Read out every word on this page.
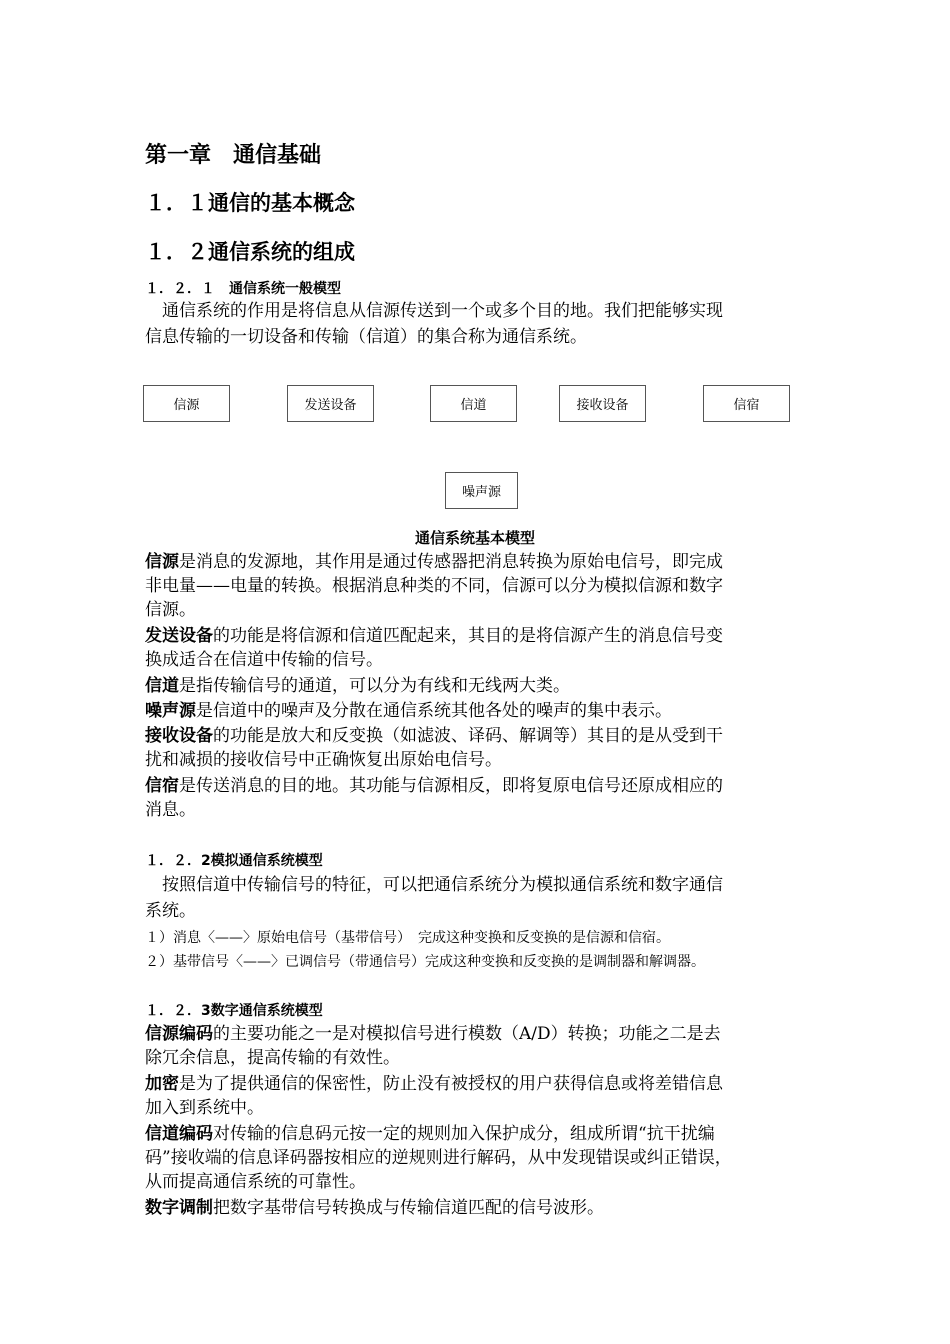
第一章　通信基础
１．１通信的基本概念
１．２通信系统的组成
１．２．１　通信系统一般模型
　通信系统的作用是将信息从信源传送到一个或多个目的地。我们把能够实现
信息传输的一切设备和传输（信道）的集合称为通信系统。
信源	发送设备	信道	接收设备	信宿
噪声源
通信系统基本模型
信源是消息的发源地，其作用是通过传感器把消息转换为原始电信号，即完成
非电量——电量的转换。根据消息种类的不同，信源可以分为模拟信源和数字
信源。
发送设备的功能是将信源和信道匹配起来，其目的是将信源产生的消息信号变
换成适合在信道中传输的信号。
信道是指传输信号的通道，可以分为有线和无线两大类。
噪声源是信道中的噪声及分散在通信系统其他各处的噪声的集中表示。
接收设备的功能是放大和反变换（如滤波、译码、解调等）其目的是从受到干
扰和减损的接收信号中正确恢复出原始电信号。
信宿是传送消息的目的地。其功能与信源相反，即将复原电信号还原成相应的
消息。
１．２．2模拟通信系统模型
　按照信道中传输信号的特征，可以把通信系统分为模拟通信系统和数字通信
系统。
１）消息〈——〉原始电信号（基带信号）　完成这种变换和反变换的是信源和信宿。
２）基带信号〈——〉已调信号（带通信号）完成这种变换和反变换的是调制器和解调器。
１．２．3数字通信系统模型
信源编码的主要功能之一是对模拟信号进行模数（A/D）转换；功能之二是去
除冗余信息，提高传输的有效性。
加密是为了提供通信的保密性，防止没有被授权的用户获得信息或将差错信息
加入到系统中。
信道编码对传输的信息码元按一定的规则加入保护成分，组成所谓“抗干扰编
码”接收端的信息译码器按相应的逆规则进行解码，从中发现错误或纠正错误，
从而提高通信系统的可靠性。
数字调制把数字基带信号转换成与传输信道匹配的信号波形。
